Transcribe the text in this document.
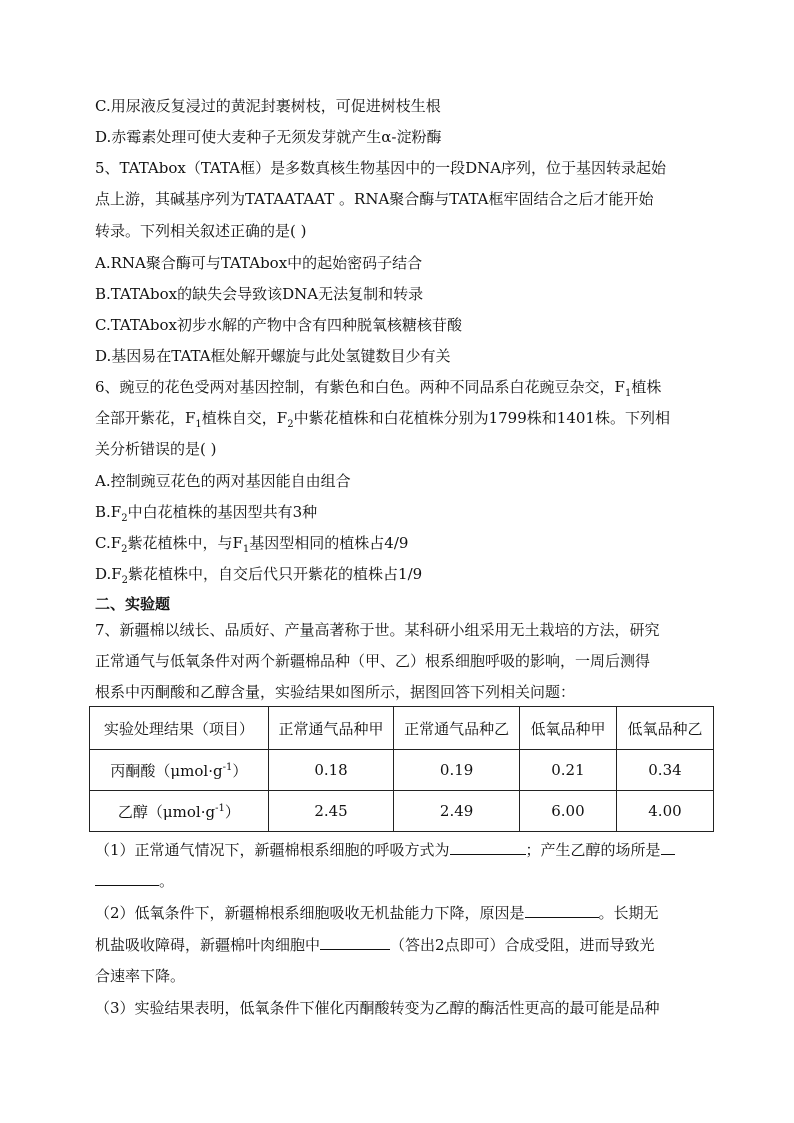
C.用尿液反复浸过的黄泥封裹树枝，可促进树枝生根
D.赤霉素处理可使大麦种子无须发芽就产生α-淀粉酶
5、TATAbox（TATA框）是多数真核生物基因中的一段DNA序列，位于基因转录起始
点上游，其碱基序列为TATAATAAT 。RNA聚合酶与TATA框牢固结合之后才能开始
转录。下列相关叙述正确的是( )
A.RNA聚合酶可与TATAbox中的起始密码子结合
B.TATAbox的缺失会导致该DNA无法复制和转录
C.TATAbox初步水解的产物中含有四种脱氧核糖核苷酸
D.基因易在TATA框处解开螺旋与此处氢键数目少有关
6、豌豆的花色受两对基因控制，有紫色和白色。两种不同品系白花豌豆杂交，$F_1$植株
全部开紫花，$F_1$植株自交，$F_2$中紫花植株和白花植株分别为1799株和1401株。下列相
关分析错误的是( )
A.控制豌豆花色的两对基因能自由组合
$B.F_2$中白花植株的基因型共有3种
$C.F_2$紫花植株中，与$F_1$基因型相同的植株占4/9
$D.F_2$紫花植株中，自交后代只开紫花的植株占1/9
二、实验题
7、新疆棉以绒长、品质好、产量高著称于世。某科研小组采用无土栽培的方法，研究
正常通气与低氧条件对两个新疆棉品种（甲、乙）根系细胞呼吸的影响，一周后测得
根系中丙酮酸和乙醇含量，实验结果如图所示，据图回答下列相关问题：
实验处理结果（项目）	正常通气品种甲	正常通气品种乙	低氧品种甲	低氧品种乙
丙酮酸$(\mu mol\cdot g^{-1})$	0.18	0.19	0.21	0.34
乙醇$(\mu mol\cdot g^{-1})$	2.45	2.49	6.00	4.00
（1）正常通气情况下，新疆棉根系细胞的呼吸方式为	；产生乙醇的场所是
。
（2）低氧条件下，新疆棉根系细胞吸收无机盐能力下降，原因是	。长期无
机盐吸收障碍，新疆棉叶肉细胞中	（答出2点即可）合成受阻，进而导致光
合速率下降。
（3）实验结果表明，低氧条件下催化丙酮酸转变为乙醇的酶活性更高的最可能是品种
